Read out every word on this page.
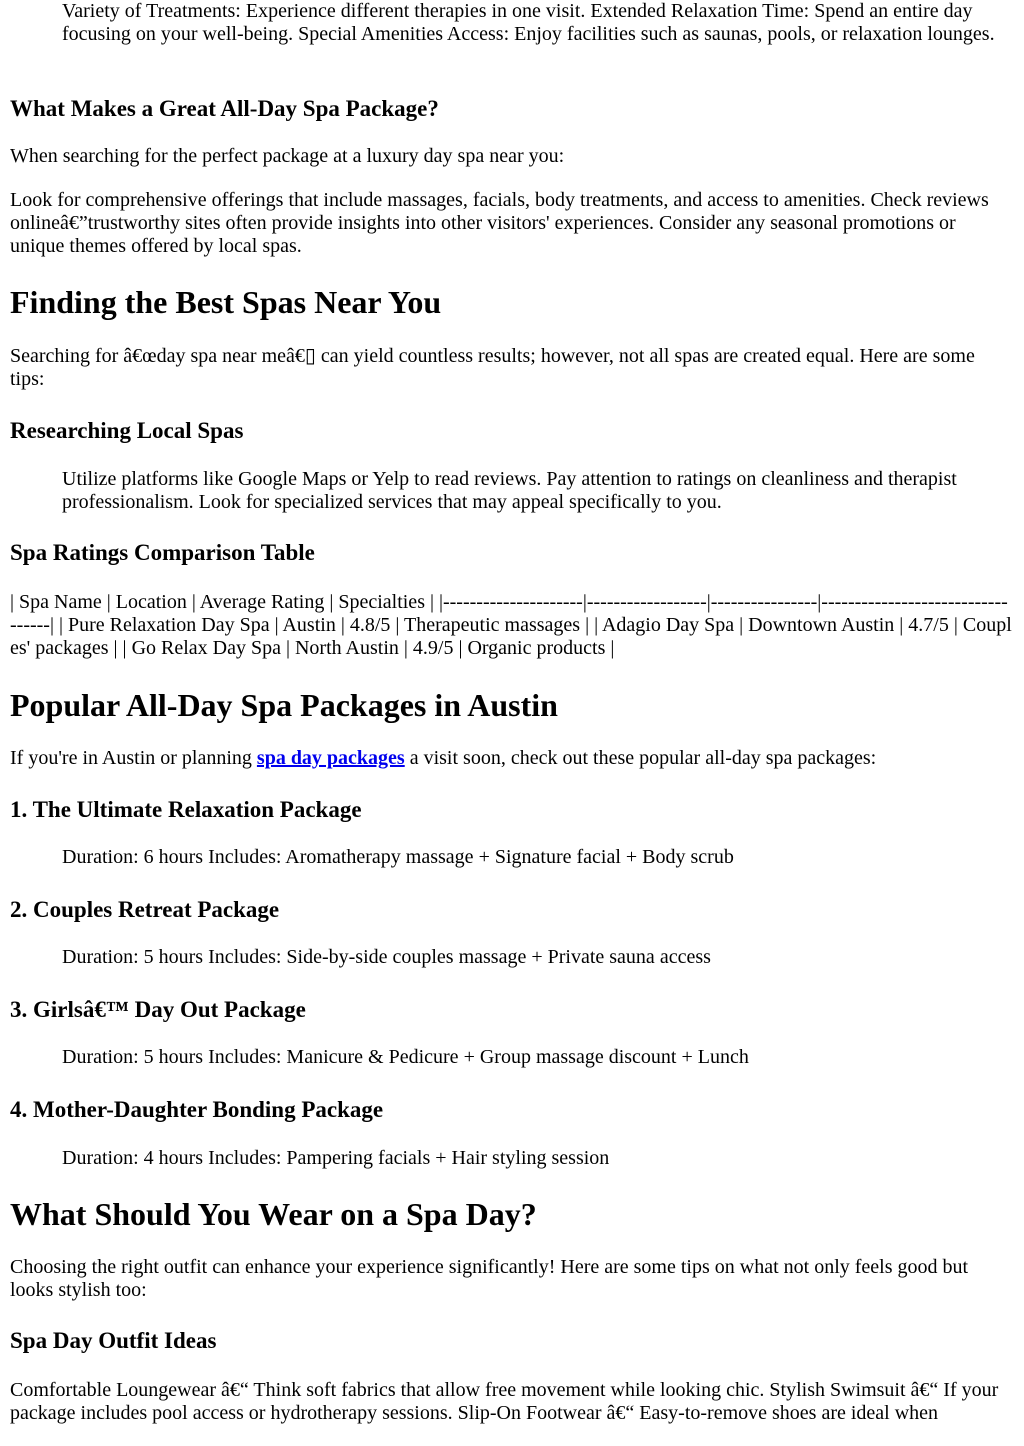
Variety of Treatments: Experience different therapies in one visit. Extended Relaxation Time: Spend an entire day focusing on your well-being. Special Amenities Access: Enjoy facilities such as saunas, pools, or relaxation lounges.

What Makes a Great All-Day Spa Package?

When searching for the perfect package at a luxury day spa near you:

Look for comprehensive offerings that include massages, facials, body treatments, and access to amenities. Check reviews onlineâ€”trustworthy sites often provide insights into other visitors' experiences. Consider any seasonal promotions or unique themes offered by local spas.

Finding the Best Spas Near You

Searching for â€œday spa near meâ€▯ can yield countless results; however, not all spas are created equal. Here are some tips:

Researching Local Spas

Utilize platforms like Google Maps or Yelp to read reviews. Pay attention to ratings on cleanliness and therapist professionalism. Look for specialized services that may appeal specifically to you.

Spa Ratings Comparison Table

| Spa Name | Location | Average Rating | Specialties | |---------------------|------------------|----------------|----------------------------------| | Pure Relaxation Day Spa | Austin | 4.8/5 | Therapeutic massages | | Adagio Day Spa | Downtown Austin | 4.7/5 | Couples' packages | | Go Relax Day Spa | North Austin | 4.9/5 | Organic products |

Popular All-Day Spa Packages in Austin

If you're in Austin or planning spa day packages a visit soon, check out these popular all-day spa packages:

1. The Ultimate Relaxation Package

Duration: 6 hours Includes: Aromatherapy massage + Signature facial + Body scrub

2. Couples Retreat Package

Duration: 5 hours Includes: Side-by-side couples massage + Private sauna access

3. Girlsâ€™ Day Out Package

Duration: 5 hours Includes: Manicure & Pedicure + Group massage discount + Lunch

4. Mother-Daughter Bonding Package

Duration: 4 hours Includes: Pampering facials + Hair styling session

What Should You Wear on a Spa Day?

Choosing the right outfit can enhance your experience significantly! Here are some tips on what not only feels good but looks stylish too:

Spa Day Outfit Ideas

Comfortable Loungewear â€“ Think soft fabrics that allow free movement while looking chic. Stylish Swimsuit â€“ If your package includes pool access or hydrotherapy sessions. Slip-On Footwear â€“ Easy-to-remove shoes are ideal when
